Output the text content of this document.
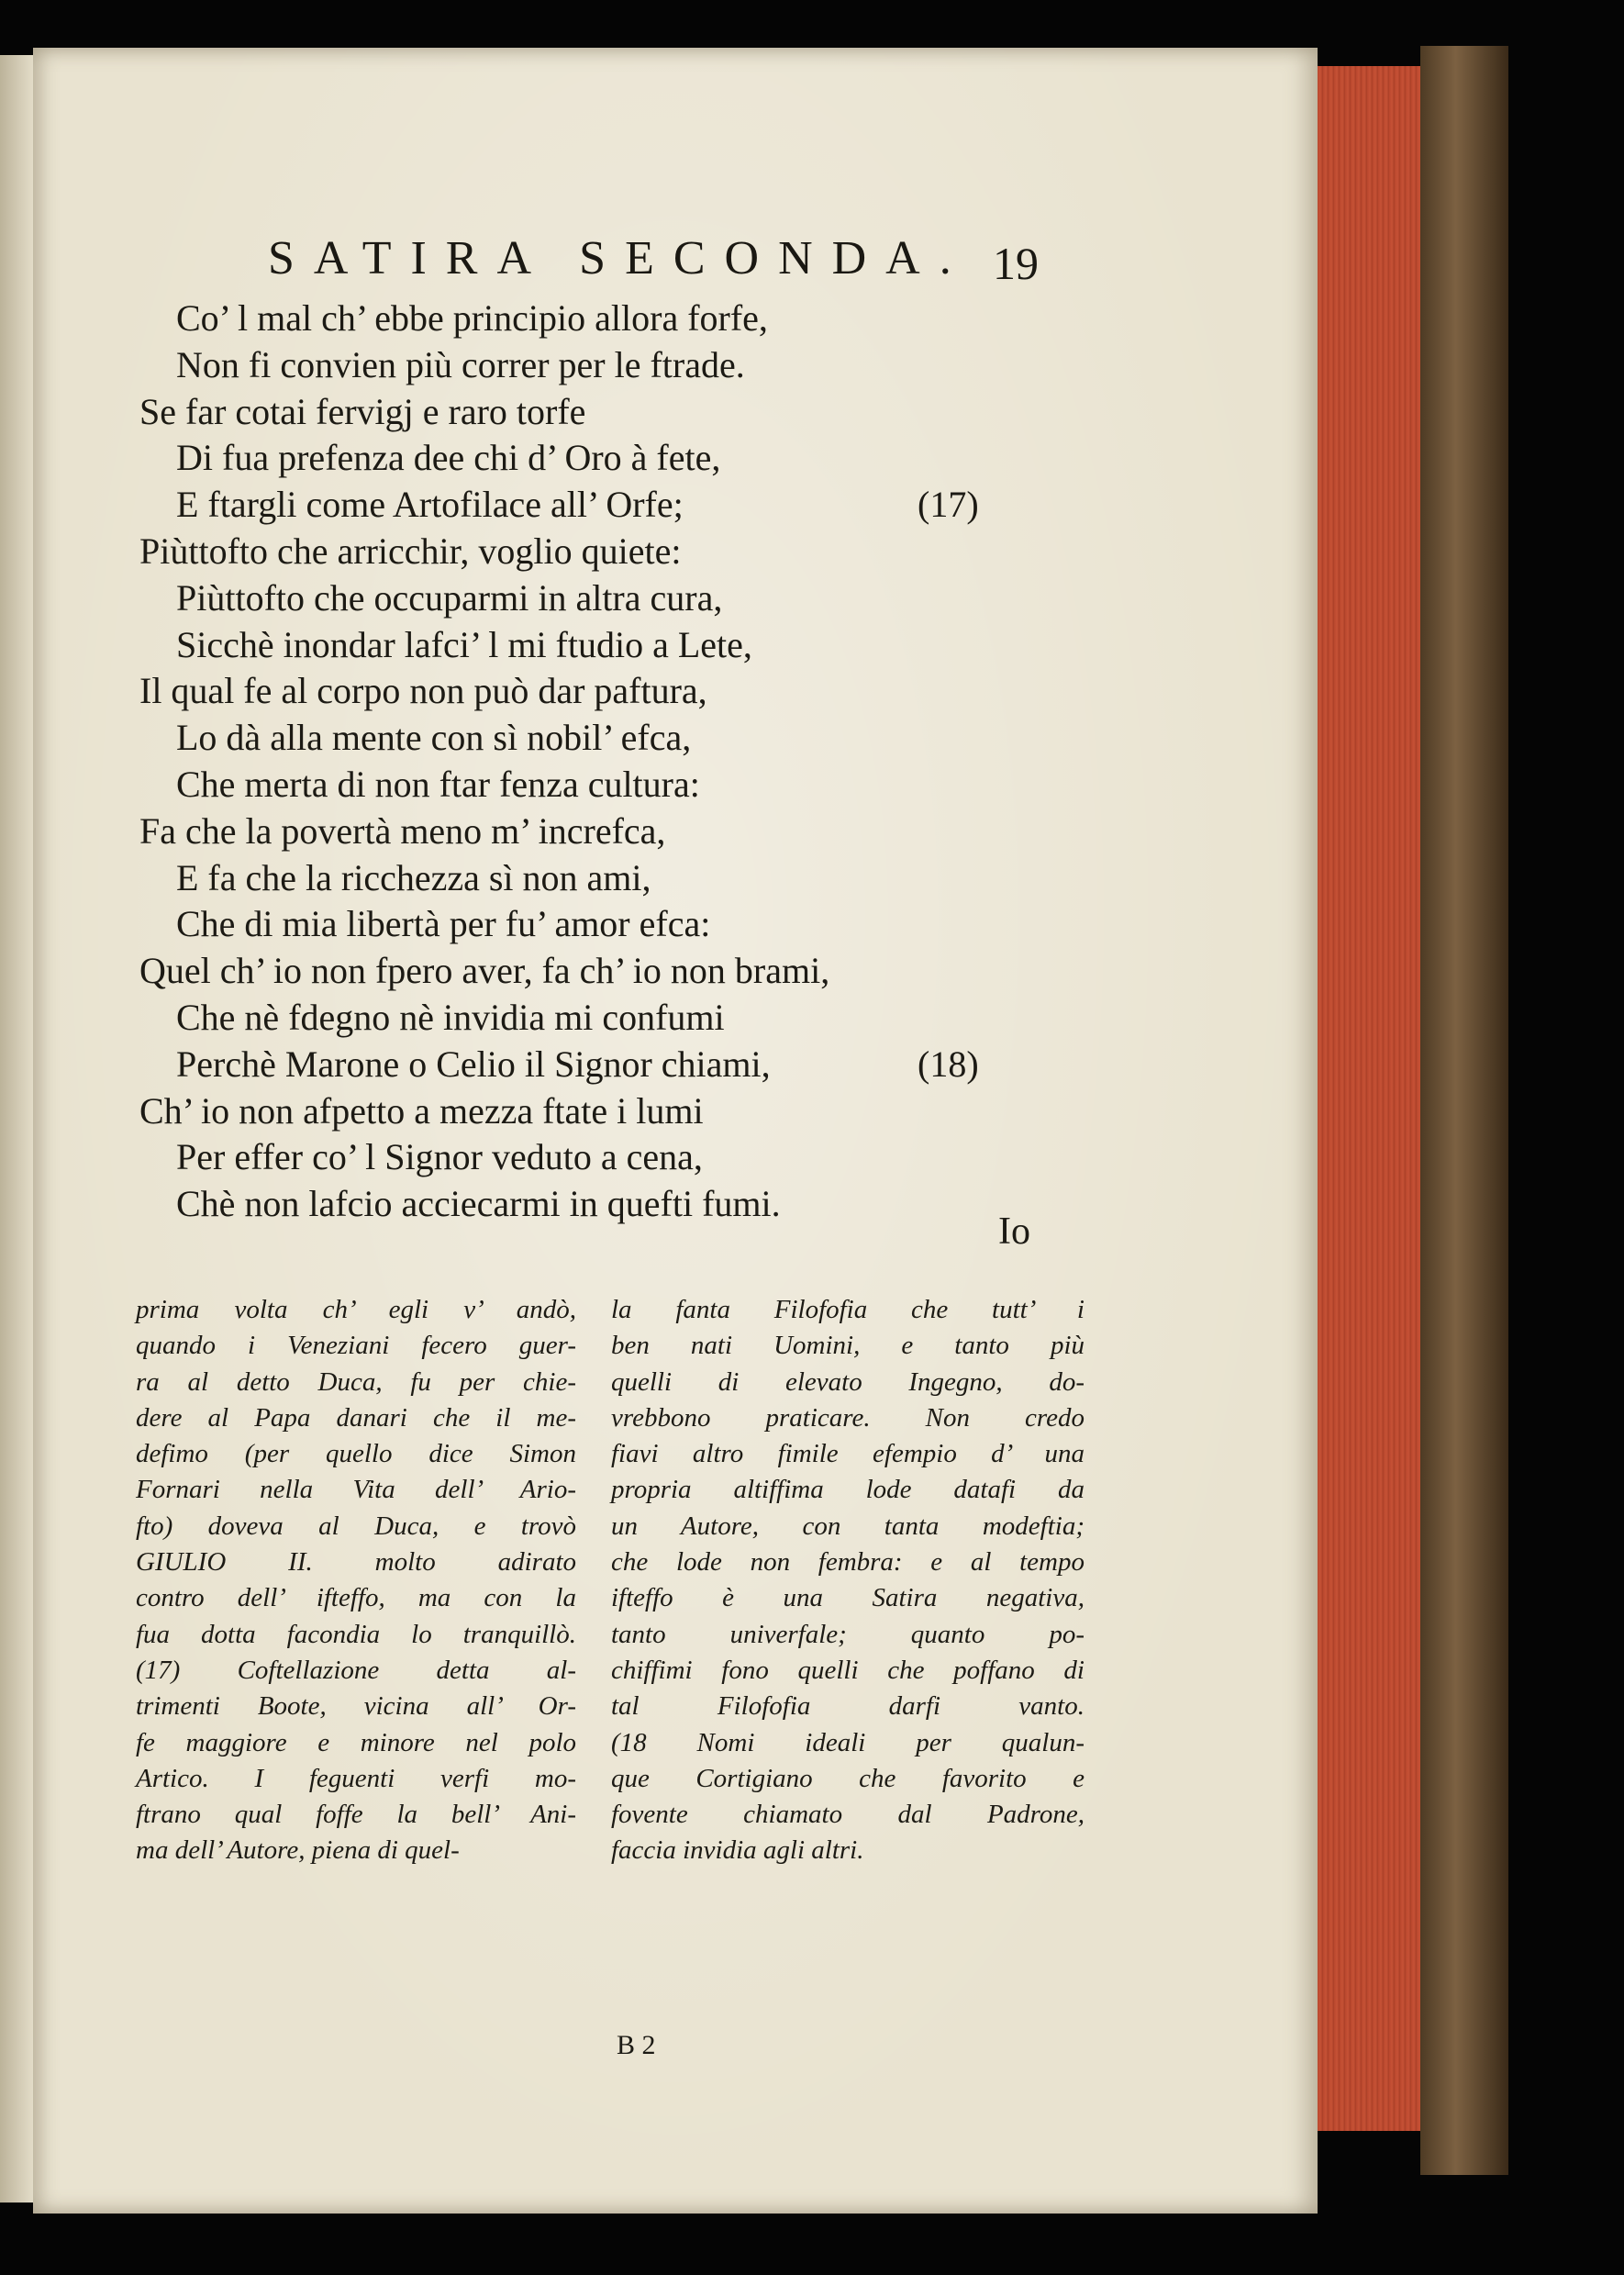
SATIRA SECONDA. 19
Co’ l mal ch’ ebbe principio allora forfe,
Non fi convien più correr per le ftrade.
Se far cotai fervigj e raro torfe
Di fua prefenza dee chi d’ Oro à fete,
E ftargli come Artofilace all’ Orfe;	(17)
Piùttofto che arricchir, voglio quiete:
Piùttofto che occuparmi in altra cura,
Sicchè inondar lafci’ l mi ftudio a Lete,
Il qual fe al corpo non può dar paftura,
Lo dà alla mente con sì nobil’ efca,
Che merta di non ftar fenza cultura:
Fa che la povertà meno m’ increfca,
E fa che la ricchezza sì non ami,
Che di mia libertà per fu’ amor efca:
Quel ch’ io non fpero aver, fa ch’ io non brami,
Che nè fdegno nè invidia mi confumi
Perchè Marone o Celio il Signor chiami,	(18)
Ch’ io non afpetto a mezza ftate i lumi
Per effer co’ l Signor veduto a cena,
Chè non lafcio acciecarmi in quefti fumi.
Io
prima volta ch’ egli v’ andò,
quando i Veneziani fecero guer-
ra al detto Duca, fu per chie-
dere al Papa danari che il me-
defimo (per quello dice Simon
Fornari nella Vita dell’ Ario-
fto) doveva al Duca, e trovò
GIULIO II. molto adirato
contro dell’ ifteffo, ma con la
fua dotta facondia lo tranquillò.
(17) Coftellazione detta al-
trimenti Boote, vicina all’ Or-
fe maggiore e minore nel polo
Artico. I feguenti verfi mo-
ftrano qual foffe la bell’ Ani-
ma dell’ Autore, piena di quel-
la fanta Filofofia che tutt’ i
ben nati Uomini, e tanto più
quelli di elevato Ingegno, do-
vrebbono praticare. Non credo
fiavi altro fimile efempio d’ una
propria altiffima lode datafi da
un Autore, con tanta modeftia;
che lode non fembra: e al tempo
ifteffo è una Satira negativa,
tanto univerfale; quanto po-
chiffimi fono quelli che poffano di
tal Filofofia darfi vanto.
(18 Nomi ideali per qualun-
que Cortigiano che favorito e
fovente chiamato dal Padrone,
faccia invidia agli altri.
B 2
